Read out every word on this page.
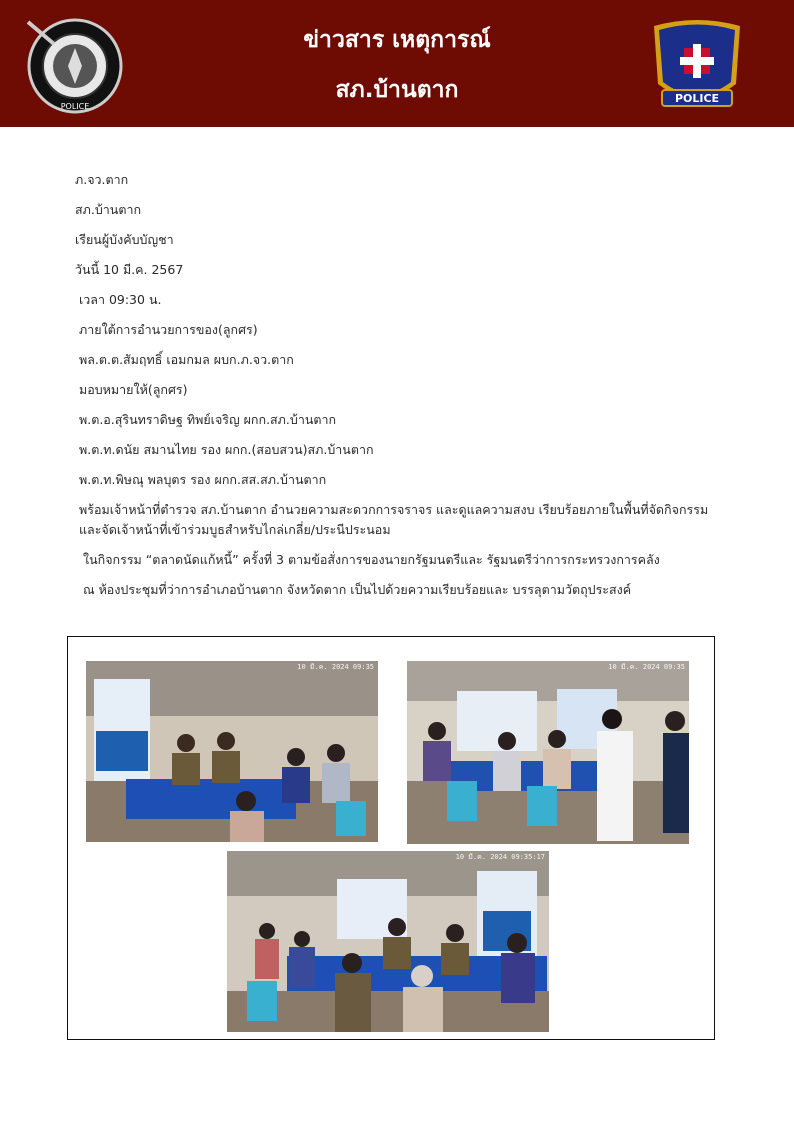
POLICE
ข่าวสาร เหตุการณ์
สภ.บ้านตาก	POLICE
ภ.จว.ตาก
สภ.บ้านตาก
เรียนผู้บังคับบัญชา
วันนี้ 10 มี.ค. 2567
เวลา 09:30 น.
ภายใต้การอำนวยการของ(ลูกศร)
พล.ต.ต.สัมฤทธิ์ เอมกมล ผบก.ภ.จว.ตาก
มอบหมายให้(ลูกศร)
พ.ต.อ.สุรินทราดิษฐ ทิพย์เจริญ ผกก.สภ.บ้านตาก
พ.ต.ท.ดนัย สมานไทย รอง ผกก.(สอบสวน)สภ.บ้านตาก
พ.ต.ท.พิษณุ พลบุตร รอง ผกก.สส.สภ.บ้านตาก
พร้อมเจ้าหน้าที่ตำรวจ สภ.บ้านตาก อำนวยความสะดวกการจราจร และดูแลความสงบ เรียบร้อยภายในพื้นที่จัดกิจกรรม และจัดเจ้าหน้าที่เข้าร่วมบูธสำหรับไกล่เกลี่ย/ประนีประนอม
ในกิจกรรม “ตลาดนัดแก้หนี้” ครั้งที่ 3 ตามข้อสั่งการของนายกรัฐมนตรีและ รัฐมนตรีว่าการกระทรวงการคลัง
ณ ห้องประชุมที่ว่าการอำเภอบ้านตาก จังหวัดตาก เป็นไปด้วยความเรียบร้อยและ บรรลุตามวัตถุประสงค์
10 มี.ค. 2024 09:35	10 มี.ค. 2024 09:35
10 มี.ค. 2024 09:35:17
